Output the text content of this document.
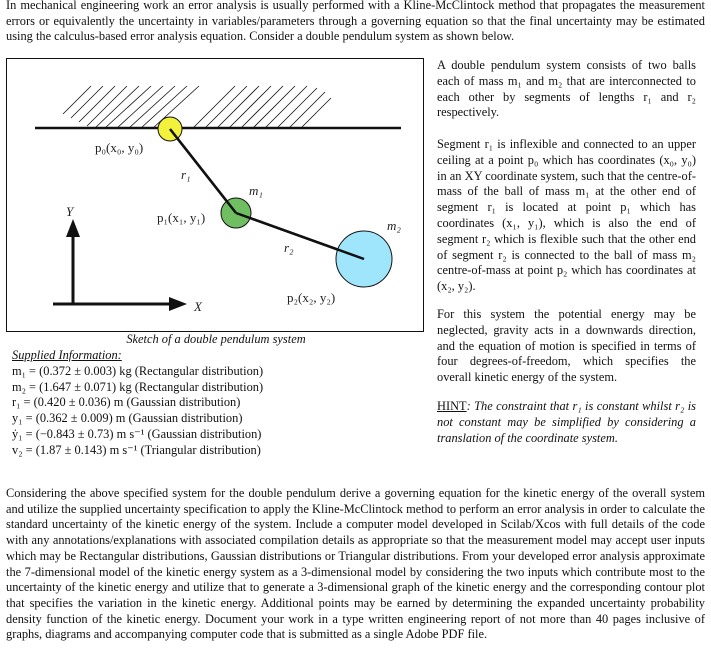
In mechanical engineering work an error analysis is usually performed with a Kline-McClintock method that propagates the measurement errors or equivalently the uncertainty in variables/parameters through a governing equation so that the final uncertainty may be estimated using the calculus-based error analysis equation. Consider a double pendulum system as shown below.
p₀(x₀, y₀)
r₁
m₁
p₁(x₁, y₁)
Y
r₂
m₂
p₂(x₂, y₂)
X
Sketch of a double pendulum system
Supplied Information:
m₁ = (0.372 ± 0.003) kg (Rectangular distribution)
m₂ = (1.647 ± 0.071) kg (Rectangular distribution)
r₁ = (0.420 ± 0.036) m (Gaussian distribution)
y₁ = (0.362 ± 0.009) m (Gaussian distribution)
ẏ₁ = (−0.843 ± 0.73) m s⁻¹ (Gaussian distribution)
v₂ = (1.87 ± 0.143) m s⁻¹ (Triangular distribution)
A double pendulum system consists of two balls each of mass m₁ and m₂ that are interconnected to each other by segments of lengths r₁ and r₂ respectively.
Segment r₁ is inflexible and connected to an upper ceiling at a point p₀ which has coordinates (x₀, y₀) in an XY coordinate system, such that the centre-of-mass of the ball of mass m₁ at the other end of segment r₁ is located at point p₁ which has coordinates (x₁, y₁), which is also the end of segment r₂ which is flexible such that the other end of segment r₂ is connected to the ball of mass m₂ centre-of-mass at point p₂ which has coordinates at (x₂, y₂).
For this system the potential energy may be neglected, gravity acts in a downwards direction, and the equation of motion is specified in terms of four degrees-of-freedom, which specifies the overall kinetic energy of the system.
HINT: The constraint that r₁ is constant whilst r₂ is not constant may be simplified by considering a translation of the coordinate system.
Considering the above specified system for the double pendulum derive a governing equation for the kinetic energy of the overall system and utilize the supplied uncertainty specification to apply the Kline-McClintock method to perform an error analysis in order to calculate the standard uncertainty of the kinetic energy of the system. Include a computer model developed in Scilab/Xcos with full details of the code with any annotations/explanations with associated compilation details as appropriate so that the measurement model may accept user inputs which may be Rectangular distributions, Gaussian distributions or Triangular distributions. From your developed error analysis approximate the 7-dimensional model of the kinetic energy system as a 3-dimensional model by considering the two inputs which contribute most to the uncertainty of the kinetic energy and utilize that to generate a 3-dimensional graph of the kinetic energy and the corresponding contour plot that specifies the variation in the kinetic energy. Additional points may be earned by determining the expanded uncertainty probability density function of the kinetic energy. Document your work in a type written engineering report of not more than 40 pages inclusive of graphs, diagrams and accompanying computer code that is submitted as a single Adobe PDF file.
